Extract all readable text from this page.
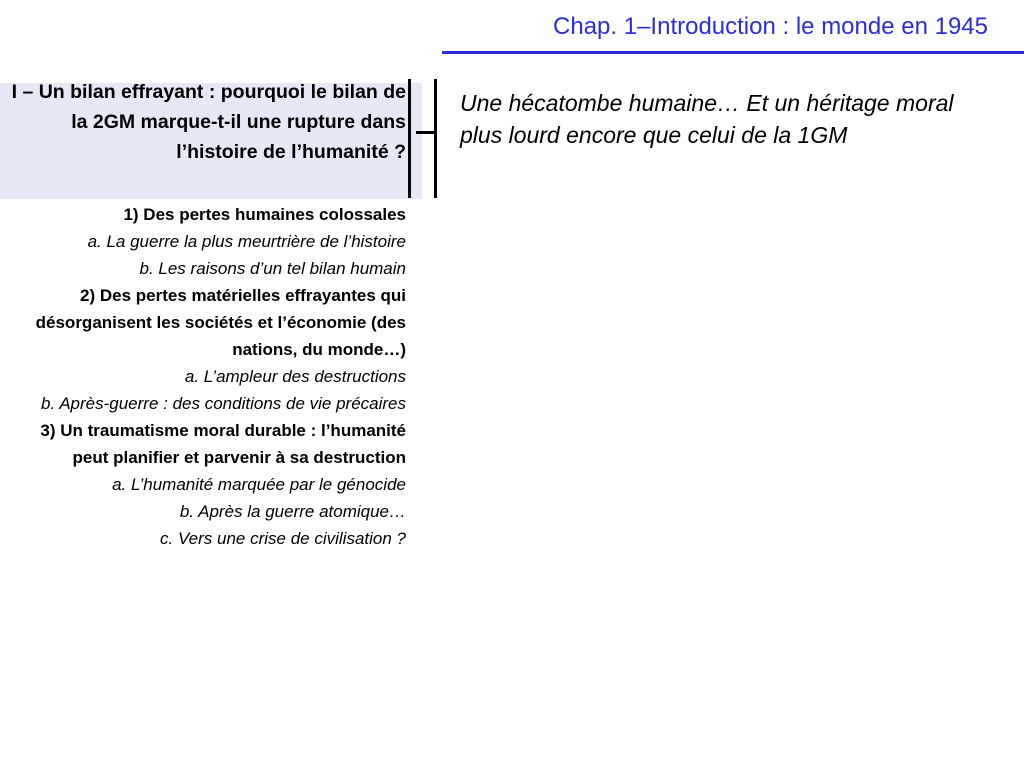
Chap. 1–Introduction : le monde en 1945
I – Un bilan effrayant : pourquoi le bilan de la 2GM marque-t-il une rupture dans l’histoire de l’humanité ?
1) Des pertes humaines colossales
a. La guerre la plus meurtrière de l’histoire
b. Les raisons d’un tel bilan humain
2) Des pertes matérielles effrayantes qui désorganisent les sociétés et l’économie (des nations, du monde…)
a. L’ampleur des destructions
b. Après-guerre : des conditions de vie précaires
3) Un traumatisme moral durable : l’humanité peut planifier et parvenir à sa destruction
a. L’humanité marquée par le génocide
b. Après la guerre atomique…
c. Vers une crise de civilisation ?
Une hécatombe humaine… Et un héritage moral plus lourd encore que celui de la 1GM
